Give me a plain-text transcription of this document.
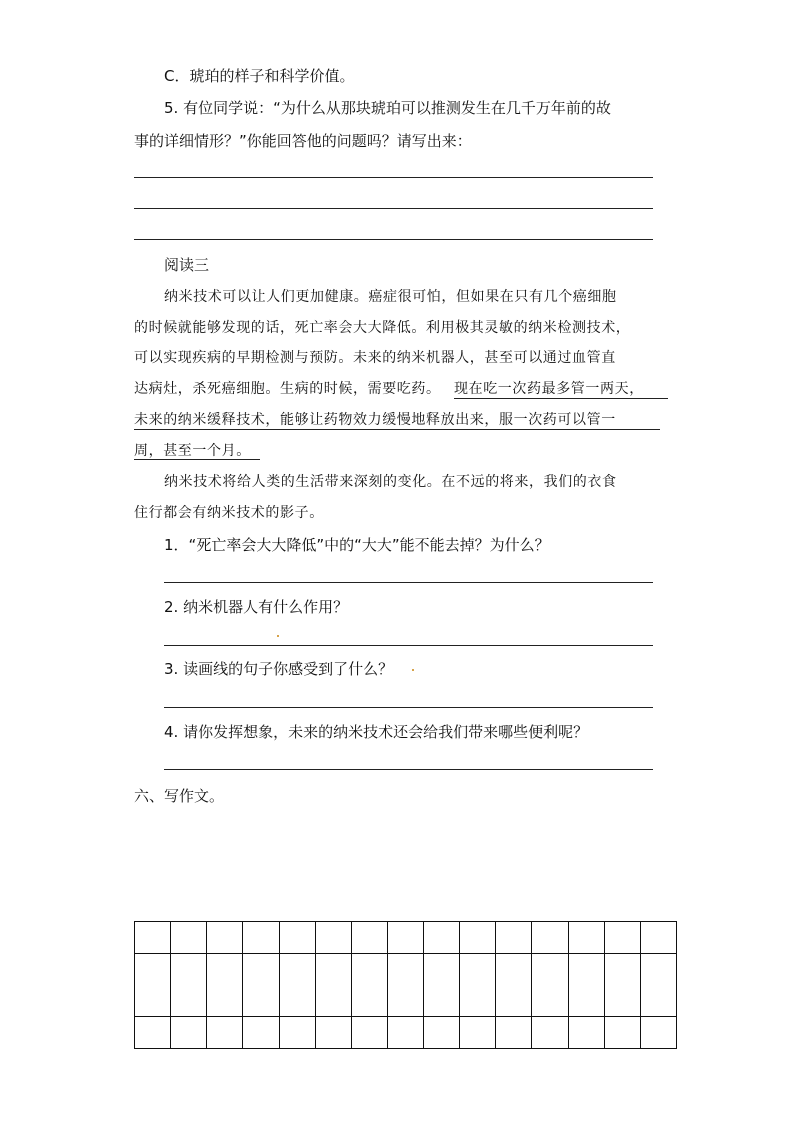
C．琥珀的样子和科学价值。
5. 有位同学说：“为什么从那块琥珀可以推测发生在几千万年前的故
事的详细情形？”你能回答他的问题吗？请写出来：
阅读三
纳米技术可以让人们更加健康。癌症很可怕，但如果在只有几个癌细胞
的时候就能够发现的话，死亡率会大大降低。利用极其灵敏的纳米检测技术，
可以实现疾病的早期检测与预防。未来的纳米机器人，甚至可以通过血管直
达病灶，杀死癌细胞。生病的时候，需要吃药。 现在吃一次药最多管一两天，
未来的纳米缓释技术，能够让药物效力缓慢地释放出来，服一次药可以管一
周，甚至一个月。
纳米技术将给人类的生活带来深刻的变化。在不远的将来，我们的衣食
住行都会有纳米技术的影子。
1．“死亡率会大大降低”中的“大大”能不能去掉？为什么？
2. 纳米机器人有什么作用？
3. 读画线的句子你感受到了什么？
4. 请你发挥想象，未来的纳米技术还会给我们带来哪些便利呢？
六、写作文。
